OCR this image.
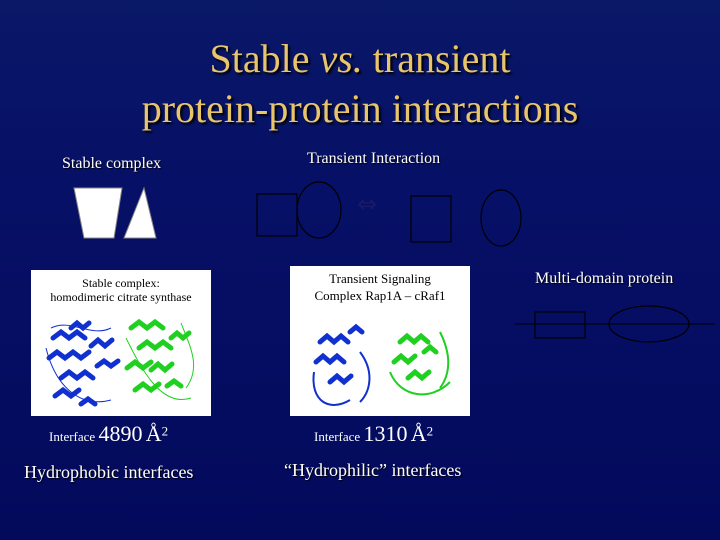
Stable vs. transient
protein-protein interactions
Stable complex	Transient Interaction
⇔
Stable complex:
homodimeric citrate synthase
Transient Signaling
Complex Rap1A – cRaf1
Interface 4890 $Å^2$	Interface 1310 $Å^2$
Hydrophobic interfaces	“Hydrophilic” interfaces
Multi-domain protein
